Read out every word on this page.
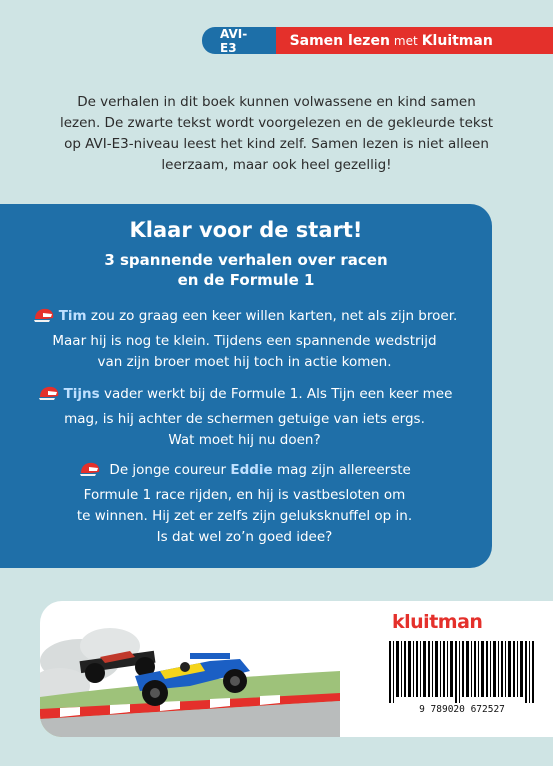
AVI-E3	Samen lezen met Kluitman
De verhalen in dit boek kunnen volwassene en kind samen
lezen. De zwarte tekst wordt voorgelezen en de gekleurde tekst
op AVI-E3-niveau leest het kind zelf. Samen lezen is niet alleen
leerzaam, maar ook heel gezellig!
Klaar voor de start!
3 spannende verhalen over racen
en de Formule 1
Tim zou zo graag een keer willen karten, net als zijn broer.
Maar hij is nog te klein. Tijdens een spannende wedstrijd
van zijn broer moet hij toch in actie komen.
Tijns vader werkt bij de Formule 1. Als Tijn een keer mee
mag, is hij achter de schermen getuige van iets ergs.
Wat moet hij nu doen?
De jonge coureur Eddie mag zijn allereerste
Formule 1 race rijden, en hij is vastbesloten om
te winnen. Hij zet er zelfs zijn geluksknuffel op in.
Is dat wel zo’n goed idee?
kluitman
9 789020 672527
